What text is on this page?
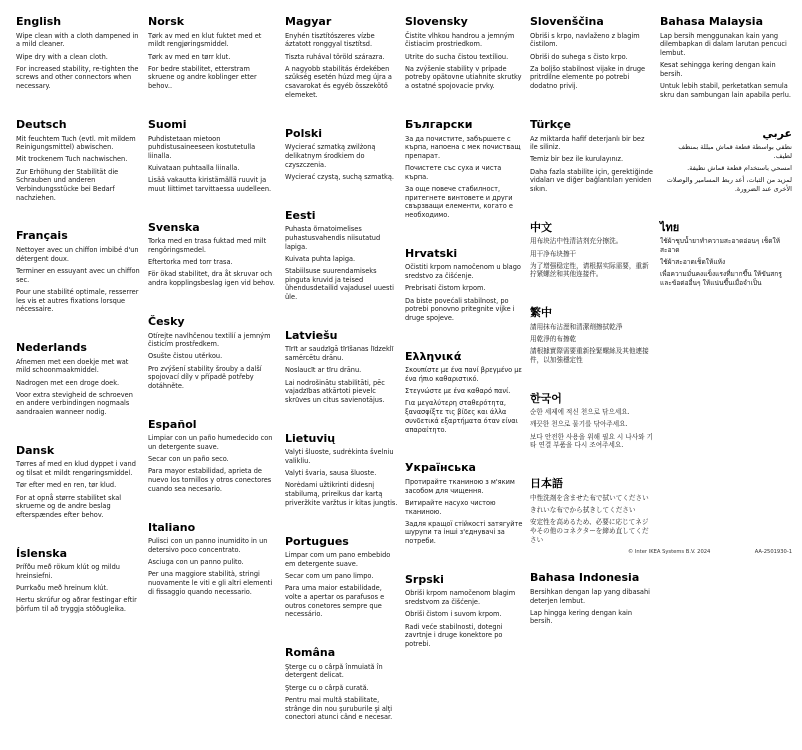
English

Wipe clean with a cloth dampened in a mild cleaner.

Wipe dry with a clean cloth.

For increased stability, re-tighten the screws and other connectors when necessary.

Deutsch

Mit feuchtem Tuch (evtl. mit mildem Reinigungsmittel) abwischen.

Mit trockenem Tuch nachwischen.

Zur Erhöhung der Stabilität die Schrauben und anderen Verbindungsstücke bei Bedarf nachziehen.

Français

Nettoyer avec un chiffon imbibé d'un détergent doux.

Terminer en essuyant avec un chiffon sec.

Pour une stabilité optimale, resserrer les vis et autres fixations lorsque nécessaire.

Nederlands

Afnemen met een doekje met wat mild schoonmaakmiddel.

Nadrogen met een droge doek.

Voor extra stevigheid de schroeven en andere verbindingen nogmaals aandraaien wanneer nodig.

Dansk

Tørres af med en klud dyppet i vand og tilsat et mildt rengøringsmiddel.

Tør efter med en ren, tør klud.

For at opnå større stabilitet skal skruerne og de andre beslag efterspændes efter behov.

Íslenska

Þrífðu með rökum klút og mildu hreinsiefni.

Þurrkaðu með hreinum klút.

Hertu skrúfur og aðrar festingar eftir þörfum til að tryggja stöðugleika.

Norsk

Tørk av med en klut fuktet med et mildt rengjøringsmiddel.

Tørk av med en tørr klut.

For bedre stabilitet, etterstram skruene og andre koblinger etter behov..

Suomi

Puhdistetaan mietoon puhdistusaineeseen kostutetulla liinalla.

Kuivataan puhtaalla liinalla.

Lisää vakautta kiristämällä ruuvit ja muut liittimet tarvittaessa uudelleen.

Svenska

Torka med en trasa fuktad med milt rengöringsmedel.

Eftertorka med torr trasa.

För ökad stabilitet, dra åt skruvar och andra kopplingsbeslag igen vid behov.

Česky

Otírejte navlhčenou textilií a jemným čisticím prostředkem.

Osušte čistou utěrkou.

Pro zvýšení stability šrouby a další spojovací díly v případě potřeby dotáhněte.

Español

Limpiar con un paño humedecido con un detergente suave.

Secar con un paño seco.

Para mayor estabilidad, aprieta de nuevo los tornillos y otros conectores cuando sea necesario.

Italiano

Pulisci con un panno inumidito in un detersivo poco concentrato.

Asciuga con un panno pulito.

Per una maggiore stabilità, stringi nuovamente le viti e gli altri elementi di fissaggio quando necessario.

Magyar

Enyhén tisztítószeres vízbe áztatott ronggyal tisztítsd.

Tiszta ruhával töröld szárazra.

A nagyobb stabilitás érdekében szükség esetén húzd meg újra a csavarokat és egyéb összekötő elemeket.

Polski

Wycierać szmatką zwilżoną delikatnym środkiem do czyszczenia.

Wycierać czystą, suchą szmatką.

Eesti

Puhasta õrnatoimelises puhastusvahendis niisutatud lapiga.

Kuivata puhta lapiga.

Stabiilsuse suurendamiseks pinguta kruvid ja teised ühendusdetailid vajadusel uuesti üle.

Latviešu

Tīrīt ar saudzīgā tīrīšanas līdzeklī samērcētu drānu.

Noslaucīt ar tīru drānu.

Lai nodrošinātu stabilitāti, pēc vajadzības atkārtoti pievelc skrūves un citus savienotājus.

Lietuvių

Valyti šluoste, sudrėkinta švelniu valikliu.

Valyti švaria, sausa šluoste.

Norėdami užtikrinti didesnį stabilumą, prireikus dar kartą priveržkite varžtus ir kitas jungtis.

Portugues

Limpar com um pano embebido em detergente suave.

Secar com um pano limpo.

Para uma maior estabilidade, volte a apertar os parafusos e outros conetores sempre que necessário.

Româna

Şterge cu o cârpă înmuiată în detergent delicat.

Şterge cu o cârpă curată.

Pentru mai multă stabilitate, strânge din nou şuruburile şi alţi conectori atunci când e necesar.

Slovensky

Čistite vlhkou handrou a jemným čistiacim prostriedkom.

Utrite do sucha čistou textíliou.

Na zvýšenie stability v prípade potreby opätovne utiahnite skrutky a ostatné spojovacie prvky.

Български

За да почистите, забършете с кърпа, напоена с мек почистващ препарат.

Почистете със суха и чиста кърпа.

За още повече стабилност, притегнете винтовете и други свързващи елементи, когато е необходимо.

Hrvatski

Očistiti krpom namočenom u blago sredstvo za čišćenje.

Prebrisati čistom krpom.

Da biste povećali stabilnost, po potrebi ponovno pritegnite vijke i druge spojeve.

Ελληνικά

Σκουπίστε με ένα πανί βρεγμένο με ένα ήπιο καθαριστικό.

Στεγνώστε με ένα καθαρό πανί.

Για μεγαλύτερη σταθερότητα, ξανασφίξτε τις βίδες και άλλα συνδετικά εξαρτήματα όταν είναι απαραίτητο.

Українська

Протирайте тканиною з м'яким засобом для чищення.

Витирайте насухо чистою тканиною.

Задля кращої стійкості затягуйте шурупи та інші з'єднувачі за потреби.

Srpski

Obriši krpom namočenom blagim sredstvom za čišćenje.

Obriši čistom i suvom krpom.

Radi veće stabilnosti, dotegni zavrtnje i druge konektore po potrebi.

Slovenščina

Obriši s krpo, navlaženo z blagim čistilom.

Obriši do suhega s čisto krpo.

Za boljšo stabilnost vijake in druge pritrdilne elemente po potrebi dodatno privij.

Türkçe

Az miktarda hafif deterjanlı bir bez ile siliniz.

Temiz bir bez ile kurulayınız.

Daha fazla stabilite için, gerektiğinde vidaları ve diğer bağlantıları yeniden sıkın.

中文

用布块沾中性清洁剂充分擦洗。

用干净布块擦干

为了增强稳定性，请根据实际需要，重新拧紧螺丝和其他连接件。

繁中

請用抹布沾溼和清潔劑擦拭乾淨

用乾淨的布擦乾

請根據實際需要重新拴緊螺絲及其他連接件，以加強穩定性

한국어

순한 세제에 적신 천으로 닦으세요.

깨끗한 천으로 물기를 닦아주세요.

보다 안전한 사용을 위해 필요 시 나사와 기타 연결 부품을 다시 조여주세요.

日本語

中性洗剤を含ませた布で拭いてください

きれいな布でから拭きしてください

安定性を高めるため、必要に応じてネジやその他のコネクターを締め直してください

Bahasa Indonesia

Bersihkan dengan lap yang dibasahi deterjen lembut.

Lap hingga kering dengan kain bersih.

Bahasa Malaysia

Lap bersih menggunakan kain yang dilembapkan di dalam larutan pencuci lembut.

Kesat sehingga kering dengan kain bersih.

Untuk lebih stabil, perketatkan semula skru dan sambungan lain apabila perlu.

عربي

نظفي بواسطة قطعة قماش مبللة بمنظف لطيف.

امسحي باستخدام قطعة قماش نظيفة.

لمزيد من الثبات، أعد ربط المسامير والوصلات الأخرى عند الضرورة.

ไทย

ใช้ผ้าชุบน้ำยาทำความสะอาดอ่อนๆ เช็ดให้สะอาด

ใช้ผ้าสะอาดเช็ดให้แห้ง

เพื่อความมั่นคงแข็งแรงที่มากขึ้น ให้ขันสกรูและข้อต่ออื่นๆ ให้แน่นขึ้นเมื่อจำเป็น

© Inter IKEA Systems B.V. 2024	AA-2501930-1
